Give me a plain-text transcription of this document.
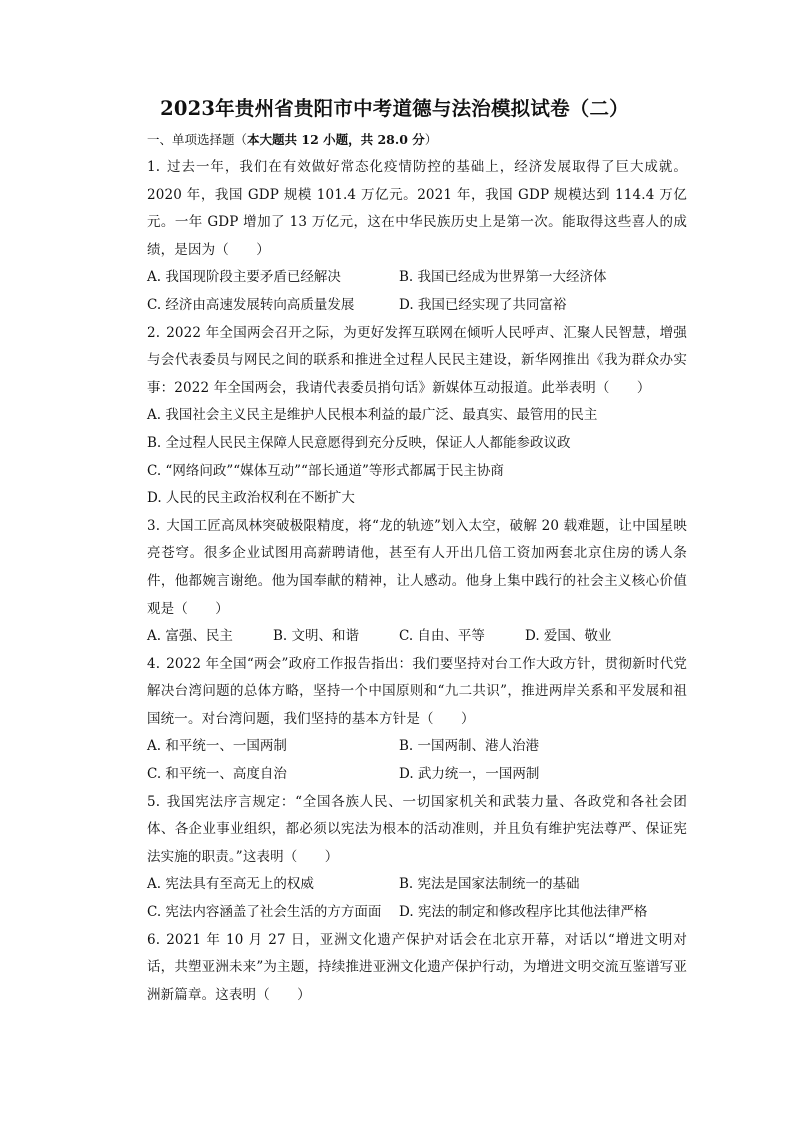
2023年贵州省贵阳市中考道德与法治模拟试卷（二）
一、单项选择题（本大题共 12 小题，共 28.0 分）
1. 过去一年，我们在有效做好常态化疫情防控的基础上，经济发展取得了巨大成就。2020 年，我国 GDP 规模 101.4 万亿元。2021 年，我国 GDP 规模达到 114.4 万亿元。一年 GDP 增加了 13 万亿元，这在中华民族历史上是第一次。能取得这些喜人的成绩，是因为（　　）
A. 我国现阶段主要矛盾已经解决	B. 我国已经成为世界第一大经济体
C. 经济由高速发展转向高质量发展	D. 我国已经实现了共同富裕
2. 2022 年全国两会召开之际，为更好发挥互联网在倾听人民呼声、汇聚人民智慧，增强与会代表委员与网民之间的联系和推进全过程人民民主建设，新华网推出《我为群众办实事：2022 年全国两会，我请代表委员捎句话》新媒体互动报道。此举表明（　　）
A. 我国社会主义民主是维护人民根本利益的最广泛、最真实、最管用的民主
B. 全过程人民民主保障人民意愿得到充分反映，保证人人都能参政议政
C. “网络问政”“媒体互动”“部长通道”等形式都属于民主协商
D. 人民的民主政治权利在不断扩大
3. 大国工匠高凤林突破极限精度，将“龙的轨迹”划入太空，破解 20 载难题，让中国星映亮苍穹。很多企业试图用高薪聘请他，甚至有人开出几倍工资加两套北京住房的诱人条件，他都婉言谢绝。他为国奉献的精神，让人感动。他身上集中践行的社会主义核心价值观是（　　）
A. 富强、民主	B. 文明、和谐	C. 自由、平等	D. 爱国、敬业
4. 2022 年全国“两会”政府工作报告指出：我们要坚持对台工作大政方针，贯彻新时代党解决台湾问题的总体方略，坚持一个中国原则和“九二共识”，推进两岸关系和平发展和祖国统一。对台湾问题，我们坚持的基本方针是（　　）
A. 和平统一、一国两制	B. 一国两制、港人治港
C. 和平统一、高度自治	D. 武力统一，一国两制
5. 我国宪法序言规定：“全国各族人民、一切国家机关和武装力量、各政党和各社会团体、各企业事业组织，都必须以宪法为根本的活动准则，并且负有维护宪法尊严、保证宪法实施的职责。”这表明（　　）
A. 宪法具有至高无上的权威	B. 宪法是国家法制统一的基础
C. 宪法内容涵盖了社会生活的方方面面	D. 宪法的制定和修改程序比其他法律严格
6. 2021 年 10 月 27 日，亚洲文化遗产保护对话会在北京开幕，对话以“增进文明对话，共塑亚洲未来”为主题，持续推进亚洲文化遗产保护行动，为增进文明交流互鉴谱写亚洲新篇章。这表明（　　）
